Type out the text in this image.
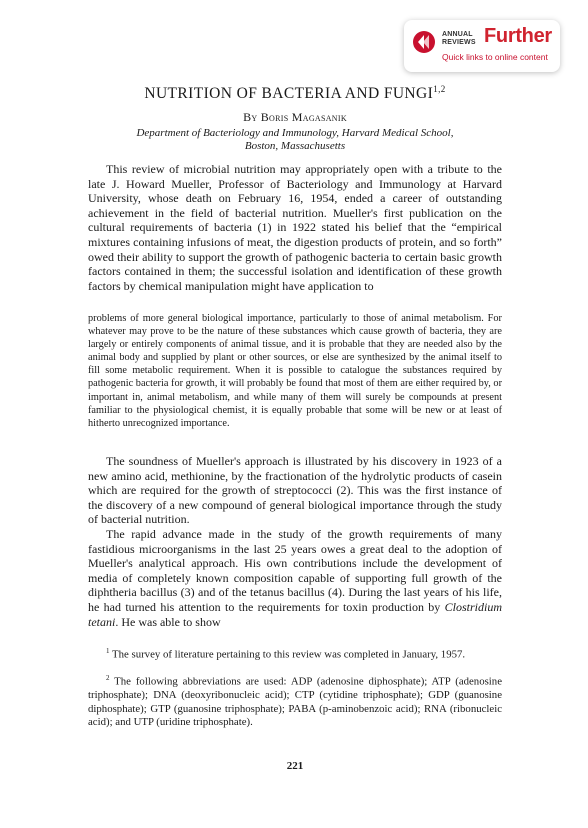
ANNUAL
REVIEWS Further
Quick links to online content
NUTRITION OF BACTERIA AND FUNGI$^{1,2}$
By Boris Magasanik
Department of Bacteriology and Immunology, Harvard Medical School,
Boston, Massachusetts

This review of microbial nutrition may appropriately open with a tribute to the late J. Howard Mueller, Professor of Bacteriology and Immunology at Harvard University, whose death on February 16, 1954, ended a career of outstanding achievement in the field of bacterial nutrition. Mueller's first publication on the cultural requirements of bacteria (1) in 1922 stated his belief that the “empirical mixtures containing infusions of meat, the digestion products of protein, and so forth” owed their ability to support the growth of pathogenic bacteria to certain basic growth factors contained in them; the successful isolation and identification of these growth factors by chemical manipulation might have application to

problems of more general biological importance, particularly to those of animal metabolism. For whatever may prove to be the nature of these substances which cause growth of bacteria, they are largely or entirely components of animal tissue, and it is probable that they are needed also by the animal body and supplied by plant or other sources, or else are synthesized by the animal itself to fill some metabolic requirement. When it is possible to catalogue the substances required by pathogenic bacteria for growth, it will probably be found that most of them are either required by, or important in, animal metabolism, and while many of them will surely be compounds at present familiar to the physiological chemist, it is equally probable that some will be new or at least of hitherto unrecognized importance.

The soundness of Mueller's approach is illustrated by his discovery in 1923 of a new amino acid, methionine, by the fractionation of the hydrolytic products of casein which are required for the growth of streptococci (2). This was the first instance of the discovery of a new compound of general biological importance through the study of bacterial nutrition.

The rapid advance made in the study of the growth requirements of many fastidious microorganisms in the last 25 years owes a great deal to the adoption of Mueller's analytical approach. His own contributions include the development of media of completely known composition capable of supporting full growth of the diphtheria bacillus (3) and of the tetanus bacillus (4). During the last years of his life, he had turned his attention to the requirements for toxin production by Clostridium tetani. He was able to show

$^1$ The survey of literature pertaining to this review was completed in January, 1957.

$^2$ The following abbreviations are used: ADP (adenosine diphosphate); ATP (adenosine triphosphate); DNA (deoxyribonucleic acid); CTP (cytidine triphosphate); GDP (guanosine diphosphate); GTP (guanosine triphosphate); PABA (p-aminobenzoic acid); RNA (ribonucleic acid); and UTP (uridine triphosphate).

221
